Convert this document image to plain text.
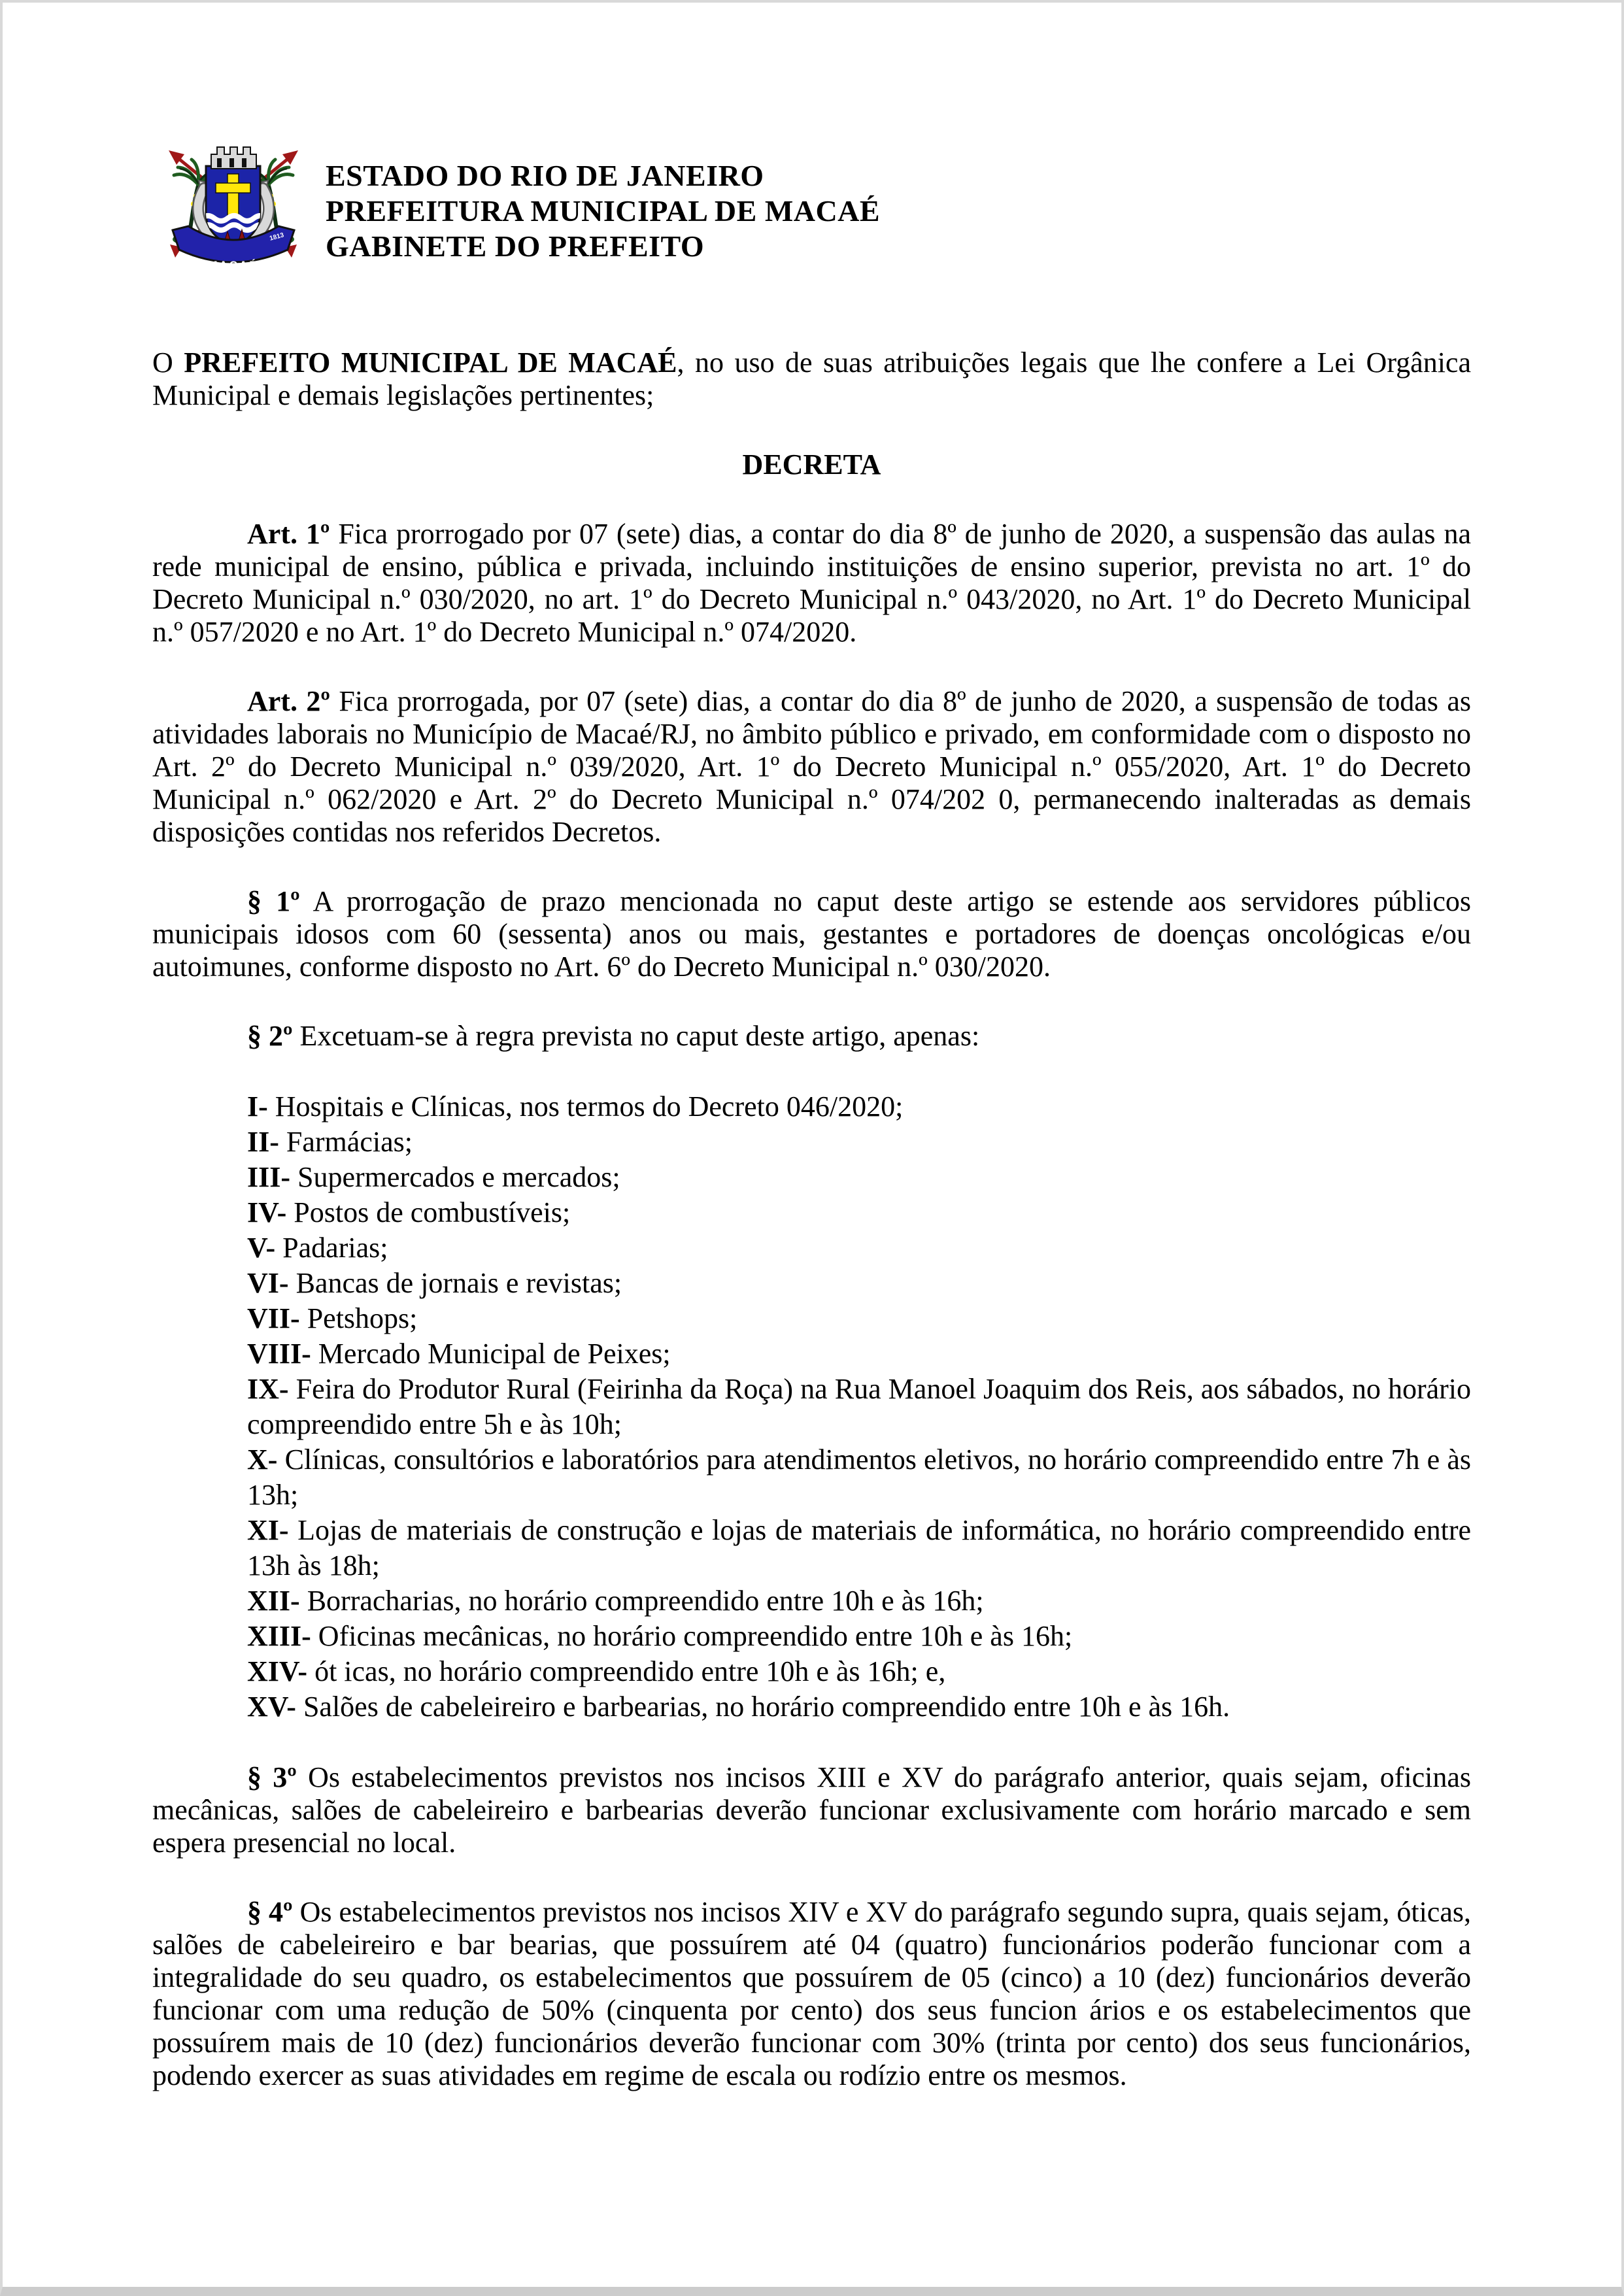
MACAÉ
1813
ESTADO DO RIO DE JANEIRO
PREFEITURA MUNICIPAL DE MACAÉ
GABINETE DO PREFEITO

O PREFEITO MUNICIPAL DE MACAÉ, no uso de suas atribuições legais que lhe confere a Lei Orgânica Municipal e demais legislações pertinentes;

DECRETA

Art. 1º Fica prorrogado por 07 (sete) dias, a contar do dia 8º de junho de 2020, a suspensão das aulas na rede municipal de ensino, pública e privada, incluindo instituições de ensino superior, prevista no art. 1º do Decreto Municipal n.º 030/2020, no art. 1º do Decreto Municipal n.º 043/2020, no Art. 1º do Decreto Municipal n.º 057/2020 e no Art. 1º do Decreto Municipal n.º 074/2020.

Art. 2º Fica prorrogada, por 07 (sete) dias, a contar do dia 8º de junho de 2020, a suspensão de todas as atividades laborais no Município de Macaé/RJ, no âmbito público e privado, em conformidade com o disposto no Art. 2º do Decreto Municipal n.º 039/2020, Art. 1º do Decreto Municipal n.º 055/2020, Art. 1º do Decreto Municipal n.º 062/2020 e Art. 2º do Decreto Municipal n.º 074/202 0, permanecendo inalteradas as demais disposições contidas nos referidos Decretos.

§ 1º A prorrogação de prazo mencionada no caput deste artigo se estende aos servidores públicos municipais idosos com 60 (sessenta) anos ou mais, gestantes e portadores de doenças oncológicas e/ou autoimunes, conforme disposto no Art. 6º do Decreto Municipal n.º 030/2020.

§ 2º Excetuam-se à regra prevista no caput deste artigo, apenas:

I- Hospitais e Clínicas, nos termos do Decreto 046/2020;

II- Farmácias;

III- Supermercados e mercados;

IV- Postos de combustíveis;

V- Padarias;

VI- Bancas de jornais e revistas;

VII- Petshops;

VIII- Mercado Municipal de Peixes;

IX- Feira do Produtor Rural (Feirinha da Roça) na Rua Manoel Joaquim dos Reis, aos sábados, no horário compreendido entre 5h e às 10h;

X- Clínicas, consultórios e laboratórios para atendimentos eletivos, no horário compreendido entre 7h e às 13h;

XI- Lojas de materiais de construção e lojas de materiais de informática, no horário compreendido entre 13h às 18h;

XII- Borracharias, no horário compreendido entre 10h e às 16h;

XIII- Oficinas mecânicas, no horário compreendido entre 10h e às 16h;

XIV- ót icas, no horário compreendido entre 10h e às 16h; e,

XV- Salões de cabeleireiro e barbearias, no horário compreendido entre 10h e às 16h.

§ 3º Os estabelecimentos previstos nos incisos XIII e XV do parágrafo anterior, quais sejam, oficinas mecânicas, salões de cabeleireiro e barbearias deverão funcionar exclusivamente com horário marcado e sem espera presencial no local.

§ 4º Os estabelecimentos previstos nos incisos XIV e XV do parágrafo segundo supra, quais sejam, óticas, salões de cabeleireiro e bar bearias, que possuírem até 04 (quatro) funcionários poderão funcionar com a integralidade do seu quadro, os estabelecimentos que possuírem de 05 (cinco) a 10 (dez) funcionários deverão funcionar com uma redução de 50% (cinquenta por cento) dos seus funcion ários e os estabelecimentos que possuírem mais de 10 (dez) funcionários deverão funcionar com 30% (trinta por cento) dos seus funcionários, podendo exercer as suas atividades em regime de escala ou rodízio entre os mesmos.
